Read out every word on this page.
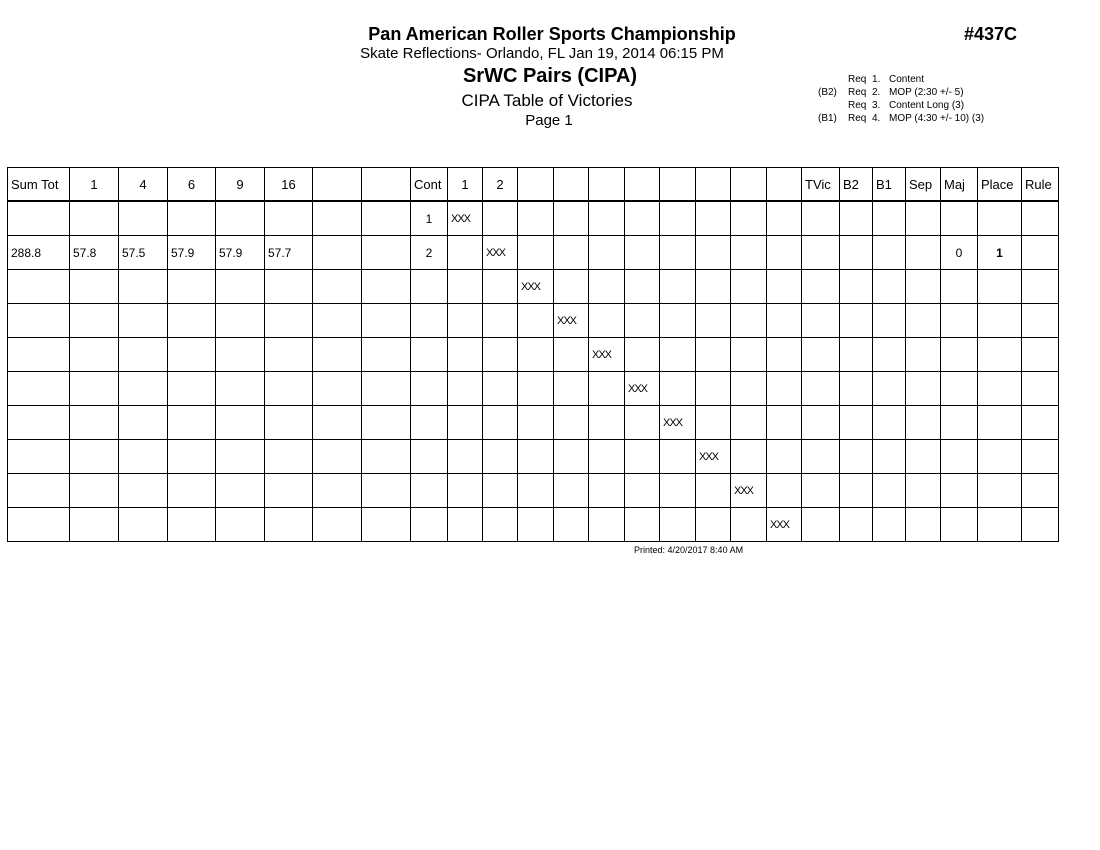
Pan American Roller Sports Championship	#437C
Skate Reflections- Orlando, FL Jan 19, 2014 06:15 PM
SrWC Pairs (CIPA)
CIPA Table of Victories
Page 1
Req 1. Content
(B2)	Req 2. MOP (2:30 +/- 5)
Req 3. Content Long (3)
(B1)	Req 4. MOP (4:30 +/- 10) (3)
Sum Tot	1	4	6	9	16			Cont	1	2									TVic	B2	B1	Sep	Maj	Place	Rule
								1	XXX																
288.8	57.8	57.5	57.9	57.9	57.7			2		XXX													0	1	
											XXX														
												XXX													
													XXX												
														XXX											
															XXX										
																XXX									
																	XXX								
																		XXX							
Printed: 4/20/2017 8:40 AM
